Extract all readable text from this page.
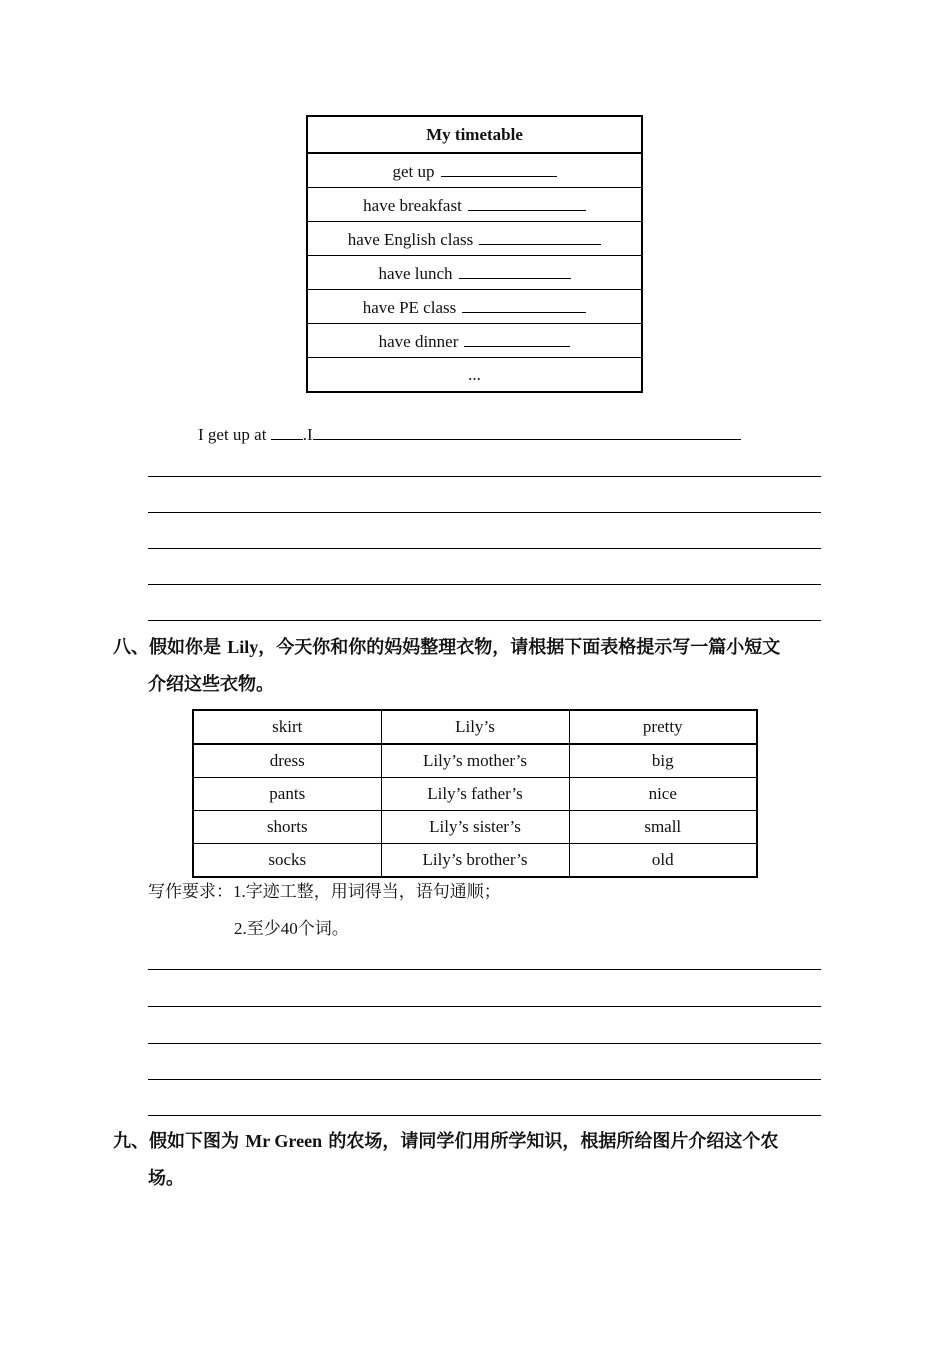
My timetable
get up
have breakfast
have English class
have lunch
have PE class
have dinner
...
I get up at .I
八、假如你是 Lily，今天你和你的妈妈整理衣物，请根据下面表格提示写一篇小短文
介绍这些衣物。
skirt	Lily’s	pretty
dress	Lily’s mother’s	big
pants	Lily’s father’s	nice
shorts	Lily’s sister’s	small
socks	Lily’s brother’s	old
写作要求：1.字迹工整，用词得当，语句通顺；
2.至少40个词。
九、假如下图为 Mr Green 的农场，请同学们用所学知识，根据所给图片介绍这个农
场。
